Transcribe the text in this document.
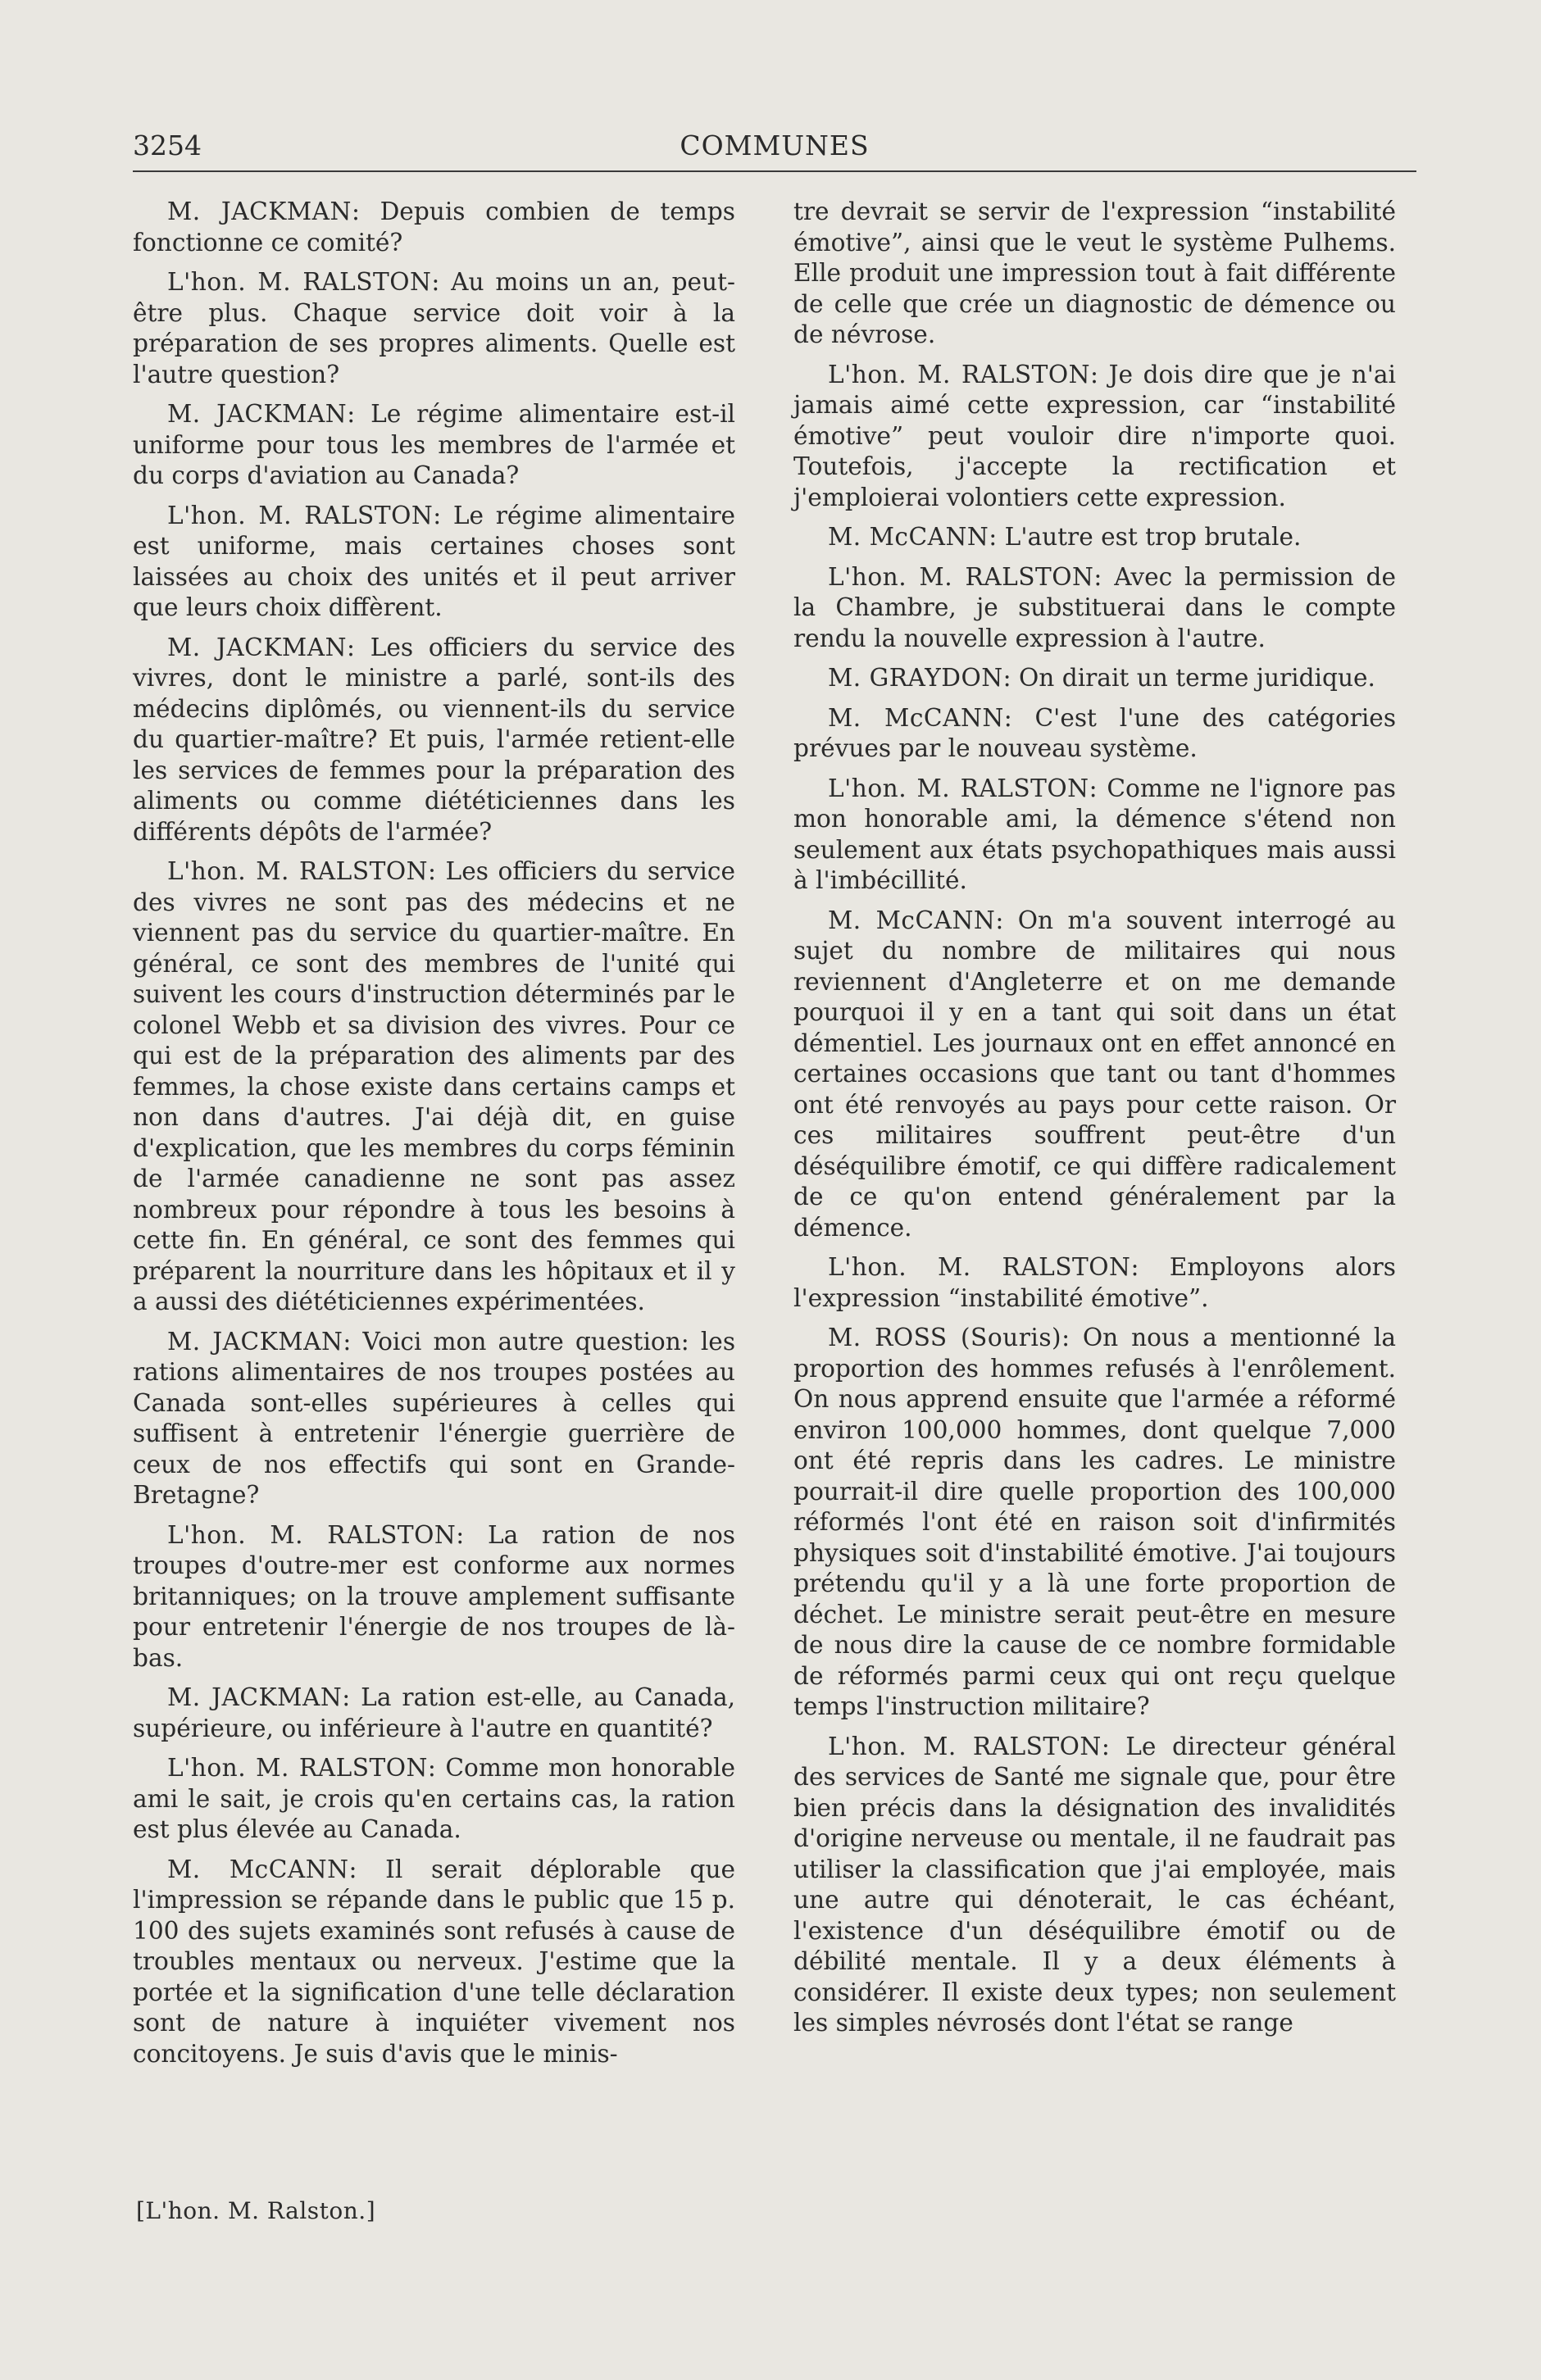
3254	COMMUNES

M. JACKMAN: Depuis combien de temps fonctionne ce comité?

L'hon. M. RALSTON: Au moins un an, peut-être plus. Chaque service doit voir à la préparation de ses propres aliments. Quelle est l'autre question?

M. JACKMAN: Le régime alimentaire est-il uniforme pour tous les membres de l'armée et du corps d'aviation au Canada?

L'hon. M. RALSTON: Le régime alimentaire est uniforme, mais certaines choses sont laissées au choix des unités et il peut arriver que leurs choix diffèrent.

M. JACKMAN: Les officiers du service des vivres, dont le ministre a parlé, sont-ils des médecins diplômés, ou viennent-ils du service du quartier-maître? Et puis, l'armée retient-elle les services de femmes pour la préparation des aliments ou comme diététiciennes dans les différents dépôts de l'armée?

L'hon. M. RALSTON: Les officiers du service des vivres ne sont pas des médecins et ne viennent pas du service du quartier-maître. En général, ce sont des membres de l'unité qui suivent les cours d'instruction déterminés par le colonel Webb et sa division des vivres. Pour ce qui est de la préparation des aliments par des femmes, la chose existe dans certains camps et non dans d'autres. J'ai déjà dit, en guise d'explication, que les membres du corps féminin de l'armée canadienne ne sont pas assez nombreux pour répondre à tous les besoins à cette fin. En général, ce sont des femmes qui préparent la nourriture dans les hôpitaux et il y a aussi des diététiciennes expérimentées.

M. JACKMAN: Voici mon autre question: les rations alimentaires de nos troupes postées au Canada sont-elles supérieures à celles qui suffisent à entretenir l'énergie guerrière de ceux de nos effectifs qui sont en Grande-Bretagne?

L'hon. M. RALSTON: La ration de nos troupes d'outre-mer est conforme aux normes britanniques; on la trouve amplement suffisante pour entretenir l'énergie de nos troupes de là-bas.

M. JACKMAN: La ration est-elle, au Canada, supérieure, ou inférieure à l'autre en quantité?

L'hon. M. RALSTON: Comme mon honorable ami le sait, je crois qu'en certains cas, la ration est plus élevée au Canada.

M. McCANN: Il serait déplorable que l'impression se répande dans le public que 15 p. 100 des sujets examinés sont refusés à cause de troubles mentaux ou nerveux. J'estime que la portée et la signification d'une telle déclaration sont de nature à inquiéter vivement nos concitoyens. Je suis d'avis que le minis-

tre devrait se servir de l'expression “instabilité émotive”, ainsi que le veut le système Pulhems. Elle produit une impression tout à fait différente de celle que crée un diagnostic de démence ou de névrose.

L'hon. M. RALSTON: Je dois dire que je n'ai jamais aimé cette expression, car “instabilité émotive” peut vouloir dire n'importe quoi. Toutefois, j'accepte la rectification et j'emploierai volontiers cette expression.

M. McCANN: L'autre est trop brutale.

L'hon. M. RALSTON: Avec la permission de la Chambre, je substituerai dans le compte rendu la nouvelle expression à l'autre.

M. GRAYDON: On dirait un terme juridique.

M. McCANN: C'est l'une des catégories prévues par le nouveau système.

L'hon. M. RALSTON: Comme ne l'ignore pas mon honorable ami, la démence s'étend non seulement aux états psychopathiques mais aussi à l'imbécillité.

M. McCANN: On m'a souvent interrogé au sujet du nombre de militaires qui nous reviennent d'Angleterre et on me demande pourquoi il y en a tant qui soit dans un état démentiel. Les journaux ont en effet annoncé en certaines occasions que tant ou tant d'hommes ont été renvoyés au pays pour cette raison. Or ces militaires souffrent peut-être d'un déséquilibre émotif, ce qui diffère radicalement de ce qu'on entend généralement par la démence.

L'hon. M. RALSTON: Employons alors l'expression “instabilité émotive”.

M. ROSS (Souris): On nous a mentionné la proportion des hommes refusés à l'enrôlement. On nous apprend ensuite que l'armée a réformé environ 100,000 hommes, dont quelque 7,000 ont été repris dans les cadres. Le ministre pourrait-il dire quelle proportion des 100,000 réformés l'ont été en raison soit d'infirmités physiques soit d'instabilité émotive. J'ai toujours prétendu qu'il y a là une forte proportion de déchet. Le ministre serait peut-être en mesure de nous dire la cause de ce nombre formidable de réformés parmi ceux qui ont reçu quelque temps l'instruction militaire?

L'hon. M. RALSTON: Le directeur général des services de Santé me signale que, pour être bien précis dans la désignation des invalidités d'origine nerveuse ou mentale, il ne faudrait pas utiliser la classification que j'ai employée, mais une autre qui dénoterait, le cas échéant, l'existence d'un déséquilibre émotif ou de débilité mentale. Il y a deux éléments à considérer. Il existe deux types; non seulement les simples névrosés dont l'état se range

[L'hon. M. Ralston.]
